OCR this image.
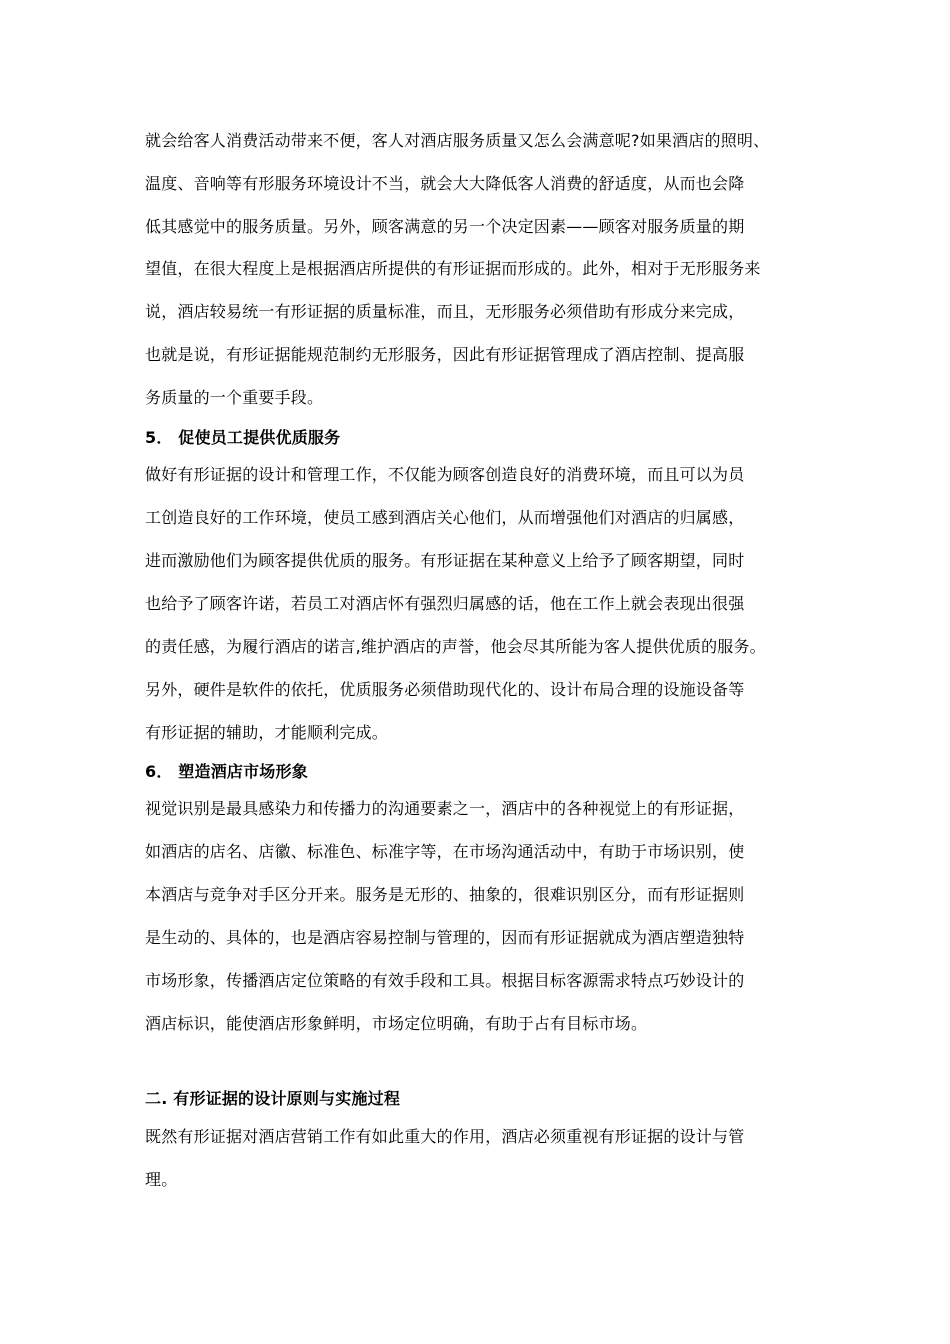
就会给客人消费活动带来不便，客人对酒店服务质量又怎么会满意呢?如果酒店的照明、
温度、音响等有形服务环境设计不当，就会大大降低客人消费的舒适度，从而也会降
低其感觉中的服务质量。另外，顾客满意的另一个决定因素——顾客对服务质量的期
望值，在很大程度上是根据酒店所提供的有形证据而形成的。此外，相对于无形服务来
说，酒店较易统一有形证据的质量标准，而且，无形服务必须借助有形成分来完成，
也就是说，有形证据能规范制约无形服务，因此有形证据管理成了酒店控制、提高服
务质量的一个重要手段。
5． 促使员工提供优质服务
做好有形证据的设计和管理工作，不仅能为顾客创造良好的消费环境，而且可以为员
工创造良好的工作环境，使员工感到酒店关心他们，从而增强他们对酒店的归属感，
进而激励他们为顾客提供优质的服务。有形证据在某种意义上给予了顾客期望，同时
也给予了顾客许诺，若员工对酒店怀有强烈归属感的话，他在工作上就会表现出很强
的责任感，为履行酒店的诺言,维护酒店的声誉，他会尽其所能为客人提供优质的服务。
另外，硬件是软件的依托，优质服务必须借助现代化的、设计布局合理的设施设备等
有形证据的辅助，才能顺利完成。
6． 塑造酒店市场形象
视觉识别是最具感染力和传播力的沟通要素之一，酒店中的各种视觉上的有形证据，
如酒店的店名、店徽、标准色、标准字等，在市场沟通活动中，有助于市场识别，使
本酒店与竞争对手区分开来。服务是无形的、抽象的，很难识别区分，而有形证据则
是生动的、具体的，也是酒店容易控制与管理的，因而有形证据就成为酒店塑造独特
市场形象，传播酒店定位策略的有效手段和工具。根据目标客源需求特点巧妙设计的
酒店标识，能使酒店形象鲜明，市场定位明确，有助于占有目标市场。
二. 有形证据的设计原则与实施过程
既然有形证据对酒店营销工作有如此重大的作用，酒店必须重视有形证据的设计与管
理。
